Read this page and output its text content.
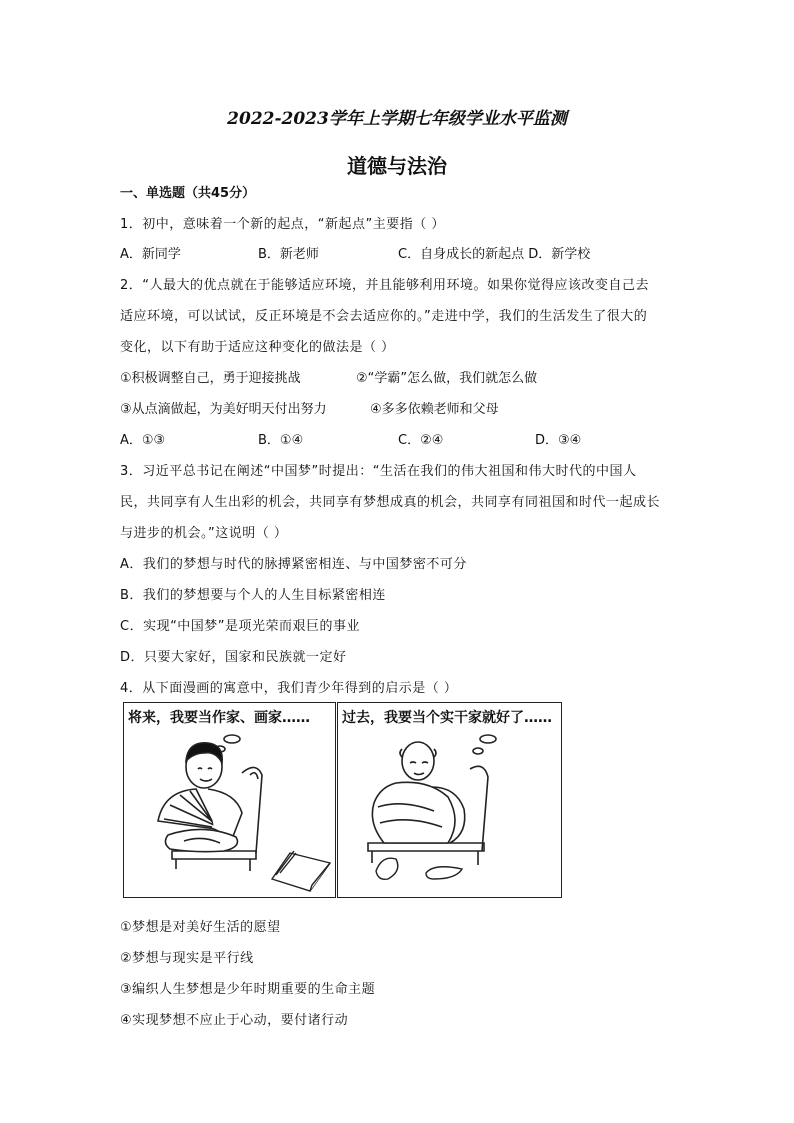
2022-2023学年上学期七年级学业水平监测
道德与法治
一、单选题（共45分）
1．初中，意味着一个新的起点，“新起点”主要指（ ）
A．新同学	B．新老师	C．自身成长的新起点 D．新学校
2．“人最大的优点就在于能够适应环境，并且能够利用环境。如果你觉得应该改变自己去
适应环境，可以试试，反正环境是不会去适应你的。”走进中学，我们的生活发生了很大的
变化，以下有助于适应这种变化的做法是（ ）
①积极调整自己，勇于迎接挑战	②“学霸”怎么做，我们就怎么做
③从点滴做起，为美好明天付出努力	④多多依赖老师和父母
A．①③	B．①④	C．②④	D．③④
3．习近平总书记在阐述“中国梦”时提出：“生活在我们的伟大祖国和伟大时代的中国人
民，共同享有人生出彩的机会，共同享有梦想成真的机会，共同享有同祖国和时代一起成长
与进步的机会。”这说明（ ）
A．我们的梦想与时代的脉搏紧密相连、与中国梦密不可分
B．我们的梦想要与个人的人生目标紧密相连
C．实现“中国梦”是项光荣而艰巨的事业
D．只要大家好，国家和民族就一定好
4．从下面漫画的寓意中，我们青少年得到的启示是（ ）
将来，我要当作家、画家…… 过去，我要当个实干家就好了……
①梦想是对美好生活的愿望
②梦想与现实是平行线
③编织人生梦想是少年时期重要的生命主题
④实现梦想不应止于心动，要付诸行动
